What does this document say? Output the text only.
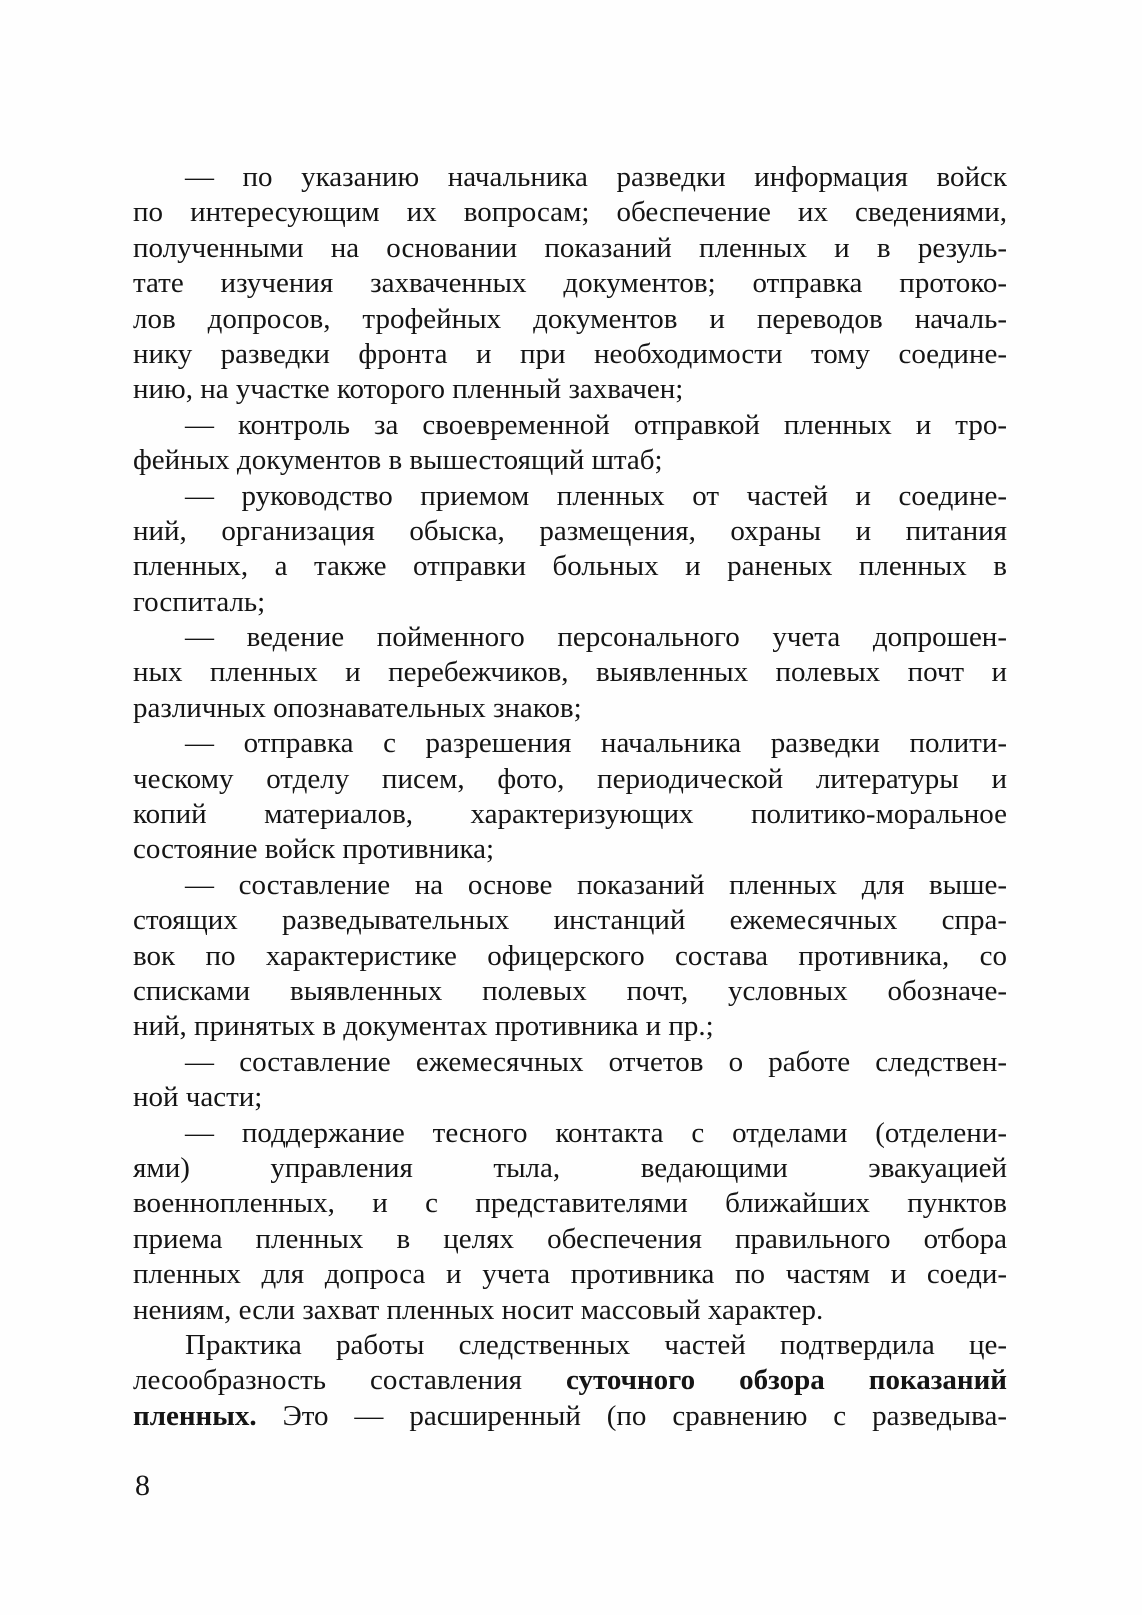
— по указанию начальника разведки информация войск
по интересующим их вопросам; обеспечение их сведениями,
полученными на основании показаний пленных и в резуль-
тате изучения захваченных документов; отправка протоко-
лов допросов, трофейных документов и переводов началь-
нику разведки фронта и при необходимости тому соедине-
нию, на участке которого пленный захвачен;
— контроль за своевременной отправкой пленных и тро-
фейных документов в вышестоящий штаб;
— руководство приемом пленных от частей и соедине-
ний, организация обыска, размещения, охраны и питания
пленных, а также отправки больных и раненых пленных в
госпиталь;
— ведение пойменного персонального учета допрошен-
ных пленных и перебежчиков, выявленных полевых почт и
различных опознавательных знаков;
— отправка с разрешения начальника разведки полити-
ческому отделу писем, фото, периодической литературы и
копий материалов, характеризующих политико-моральное
состояние войск противника;
— составление на основе показаний пленных для выше-
стоящих разведывательных инстанций ежемесячных спра-
вок по характеристике офицерского состава противника, со
списками выявленных полевых почт, условных обозначе-
ний, принятых в документах противника и пр.;
— составление ежемесячных отчетов о работе следствен-
ной части;
— поддержание тесного контакта с отделами (отделени-
ями) управления тыла, ведающими эвакуацией
военнопленных, и с представителями ближайших пунктов
приема пленных в целях обеспечения правильного отбора
пленных для допроса и учета противника по частям и соеди-
нениям, если захват пленных носит массовый характер.
Практика работы следственных частей подтвердила це-
лесообразность составления суточного обзора показаний
пленных. Это — расширенный (по сравнению с разведыва-
8
